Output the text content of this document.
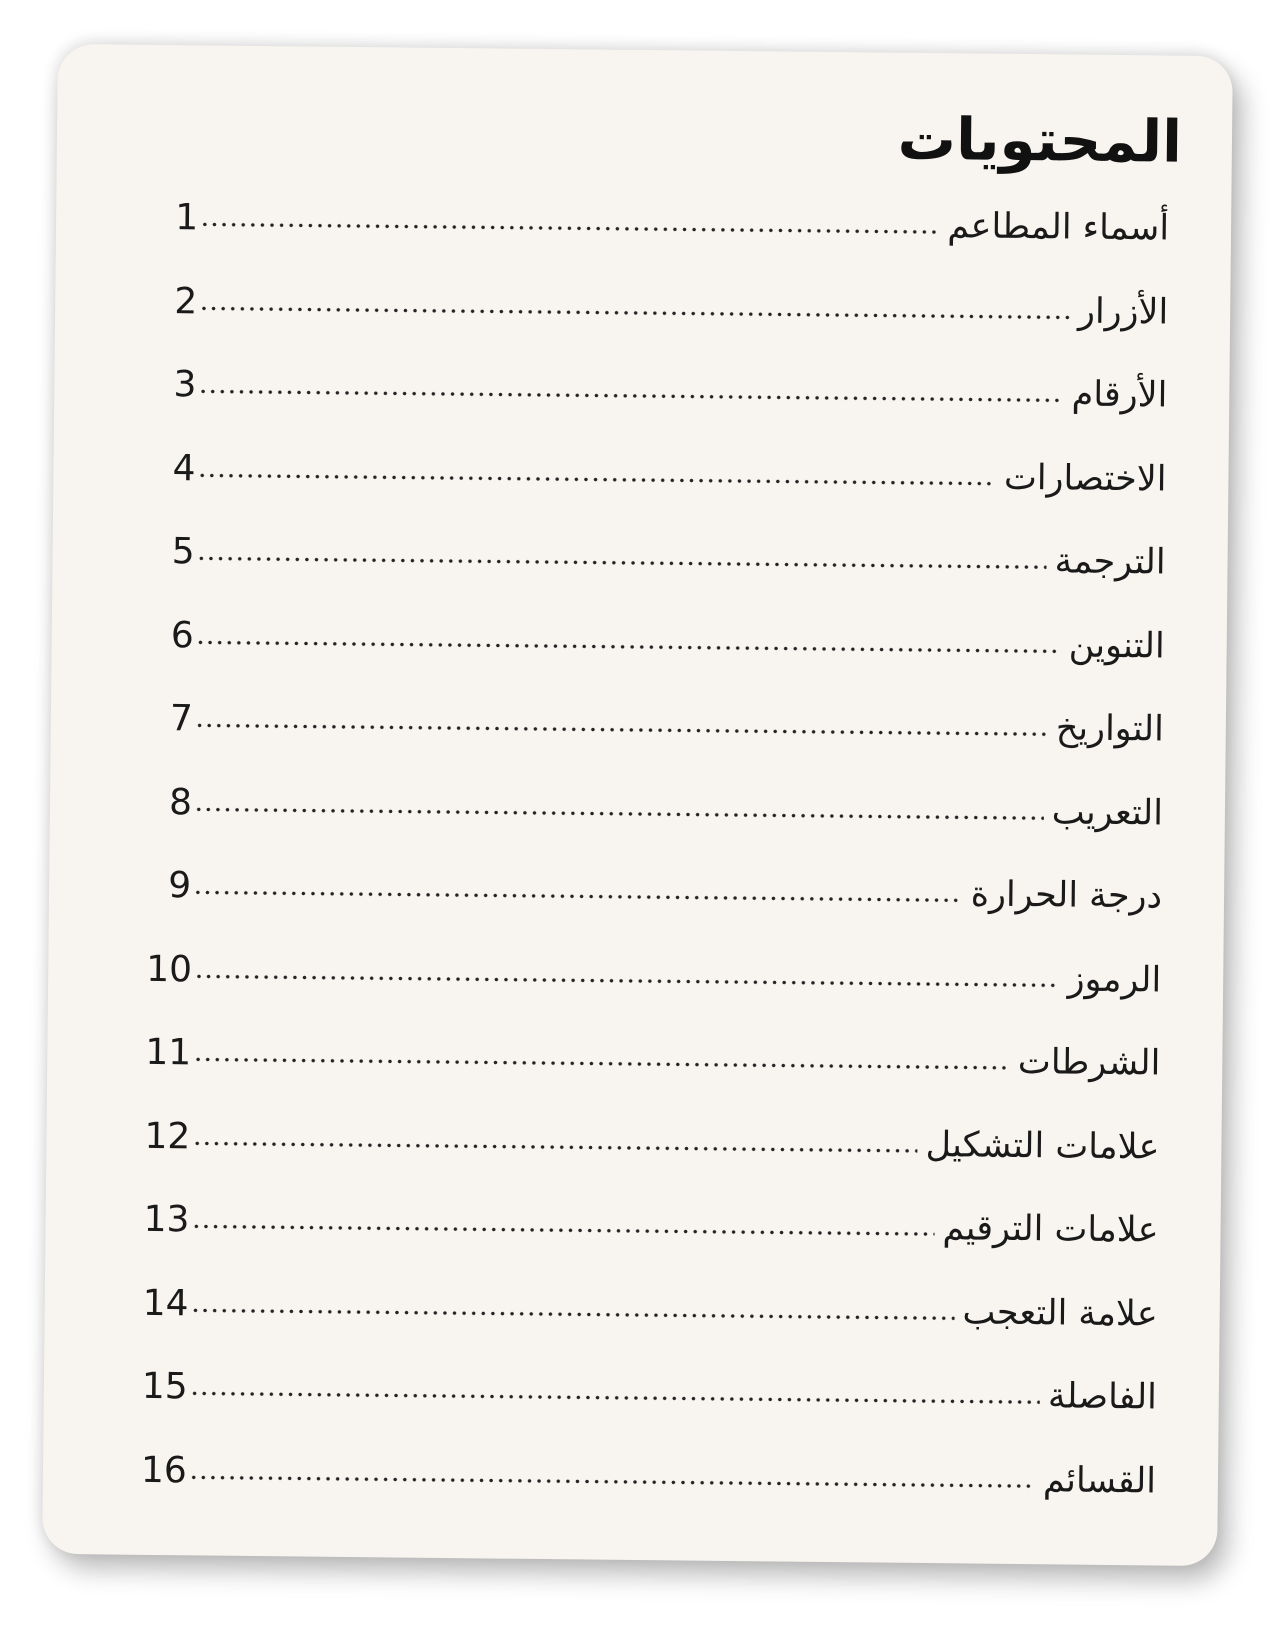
المحتويات
1	أسماء المطاعم
2	الأزرار
3	الأرقام
4	الاختصارات
5	الترجمة
6	التنوين
7	التواريخ
8	التعريب
9	درجة الحرارة
10	الرموز
11	الشرطات
12	علامات التشكيل
13	علامات الترقيم
14	علامة التعجب
15	الفاصلة
16	القسائم
